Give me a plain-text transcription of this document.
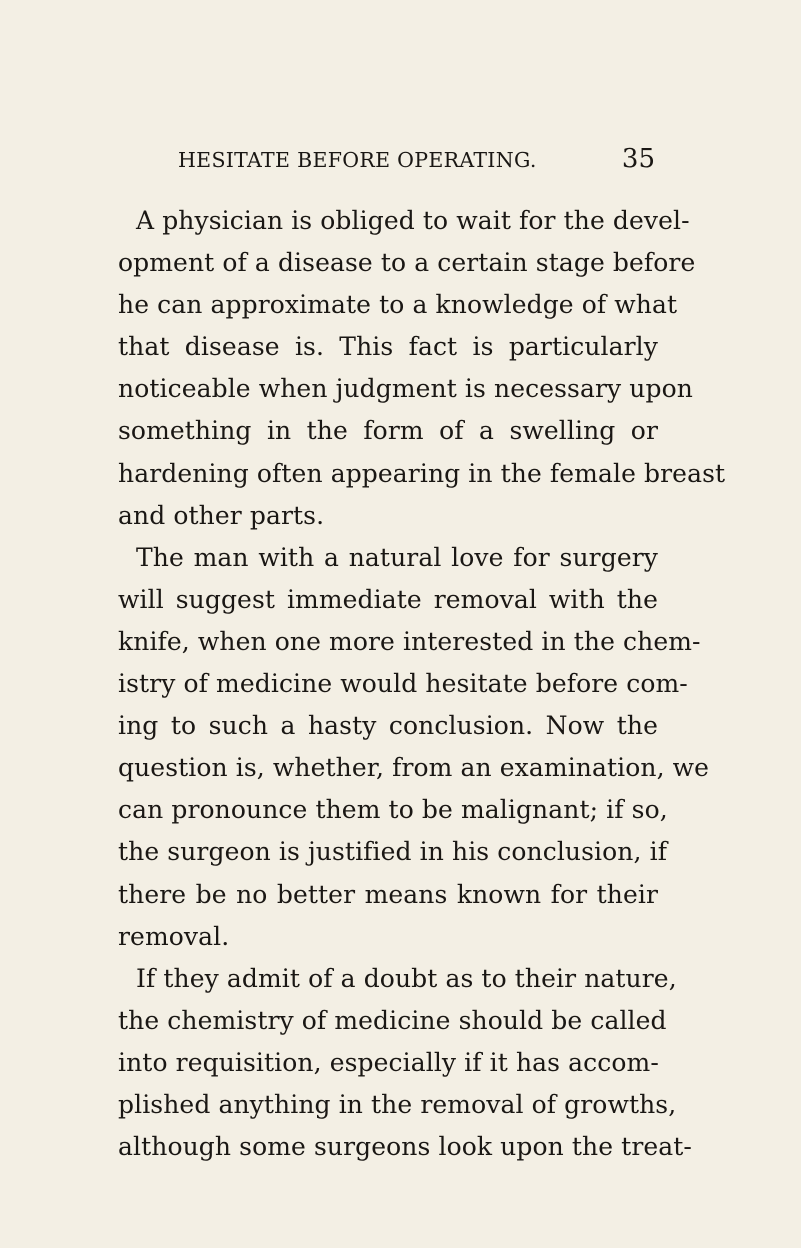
HESITATE BEFORE OPERATING.	35
A physician is obliged to wait for the devel-
opment of a disease to a certain stage before
he can approximate to a knowledge of what
that disease is. This fact is particularly
noticeable when judgment is necessary upon
something in the form of a swelling or
hardening often appearing in the female breast
and other parts.
The man with a natural love for surgery
will suggest immediate removal with the
knife, when one more interested in the chem-
istry of medicine would hesitate before com-
ing to such a hasty conclusion. Now the
question is, whether, from an examination, we
can pronounce them to be malignant; if so,
the surgeon is justified in his conclusion, if
there be no better means known for their
removal.
If they admit of a doubt as to their nature,
the chemistry of medicine should be called
into requisition, especially if it has accom-
plished anything in the removal of growths,
although some surgeons look upon the treat-
